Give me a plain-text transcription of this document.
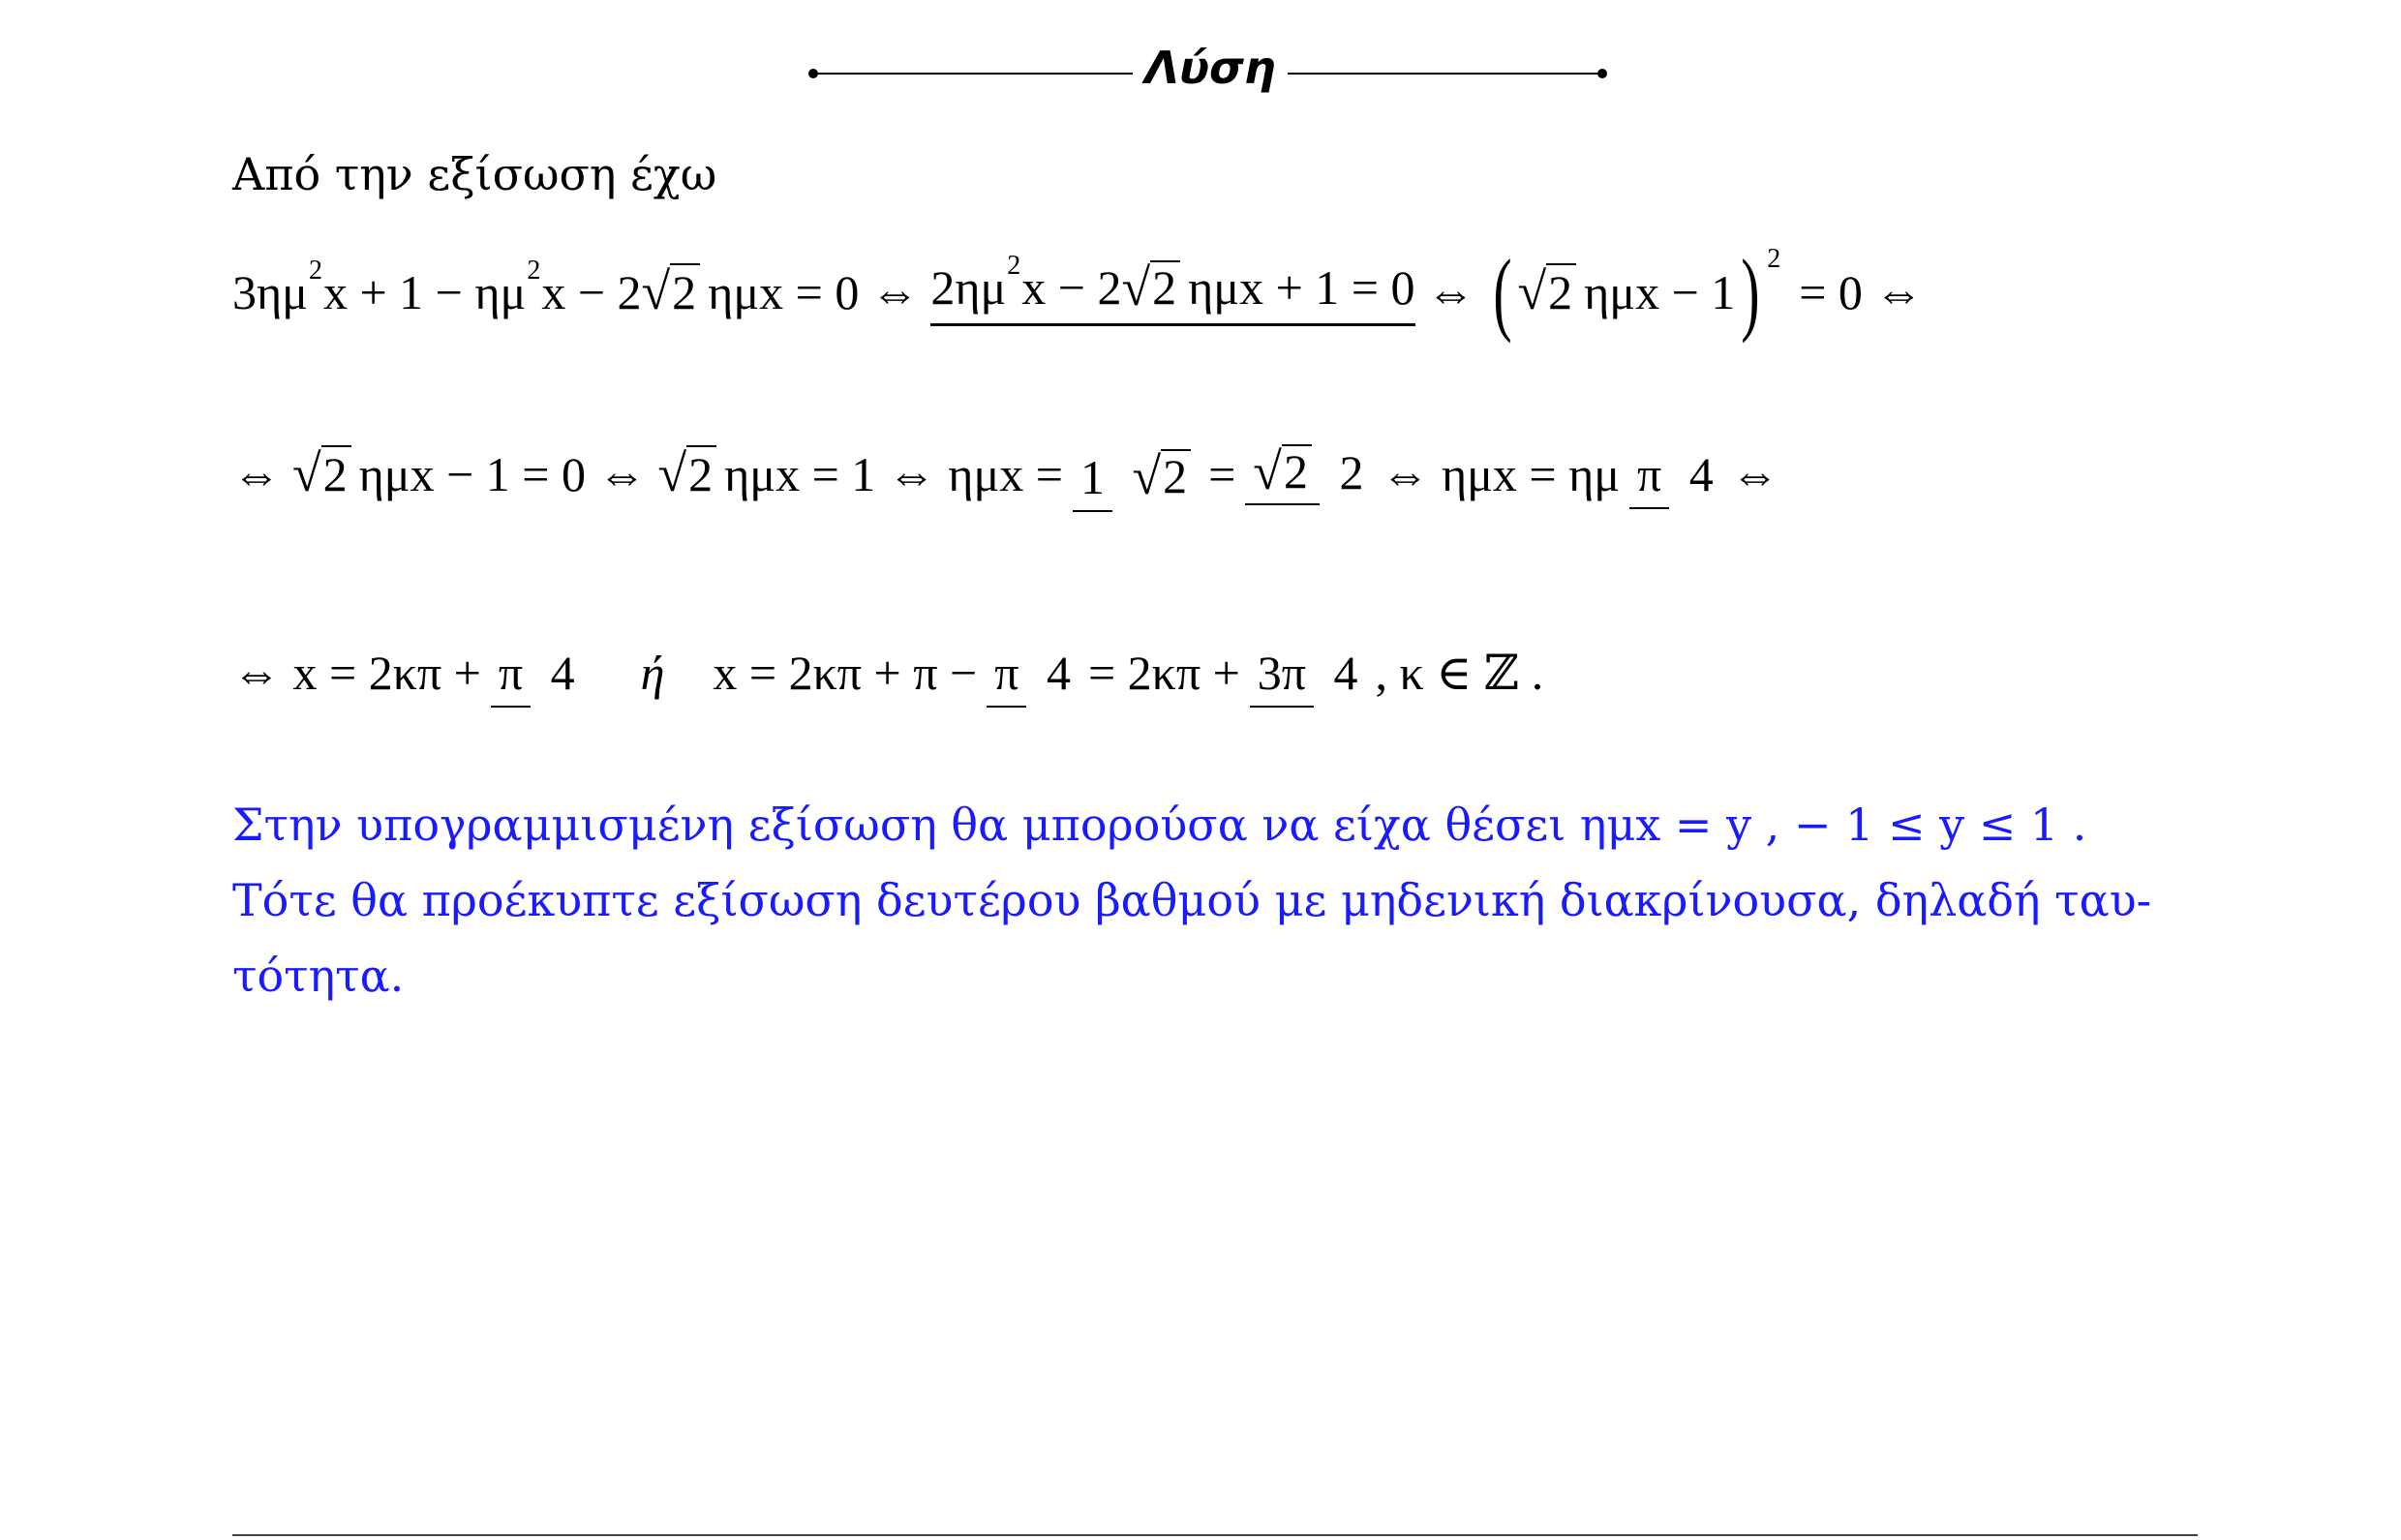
Λύση
Από την εξίσωση έχω
3ημ 2 x + 1 − ημ 2 x − 2 √2 ημx = 0 ⇔ 2ημ 2 x − 2 √ 2 ημx + 1 = 0 ⇔ ( √2 ημx − 1 ) 2
= 0 ⇔
⇔ √2 ημx − 1 = 0 ⇔ √2 ημx = 1 ⇔ ημx = 1 √ 2 = √ 2 2 ⇔ ημx = ημ π 4 ⇔
⇔ x = 2κπ + π 4 ή x = 2κπ + π − π 4 = 2κπ + 3π 4 , κ ∈ ℤ .
Στην υπογραμμισμένη εξίσωση θα μπορούσα να είχα θέσει ημx = y , − 1 ≤ y ≤ 1 .
Τότε θα προέκυπτε εξίσωση δευτέρου βαθμού με μηδενική διακρίνουσα, δηλαδή ταυ-
τότητα.
